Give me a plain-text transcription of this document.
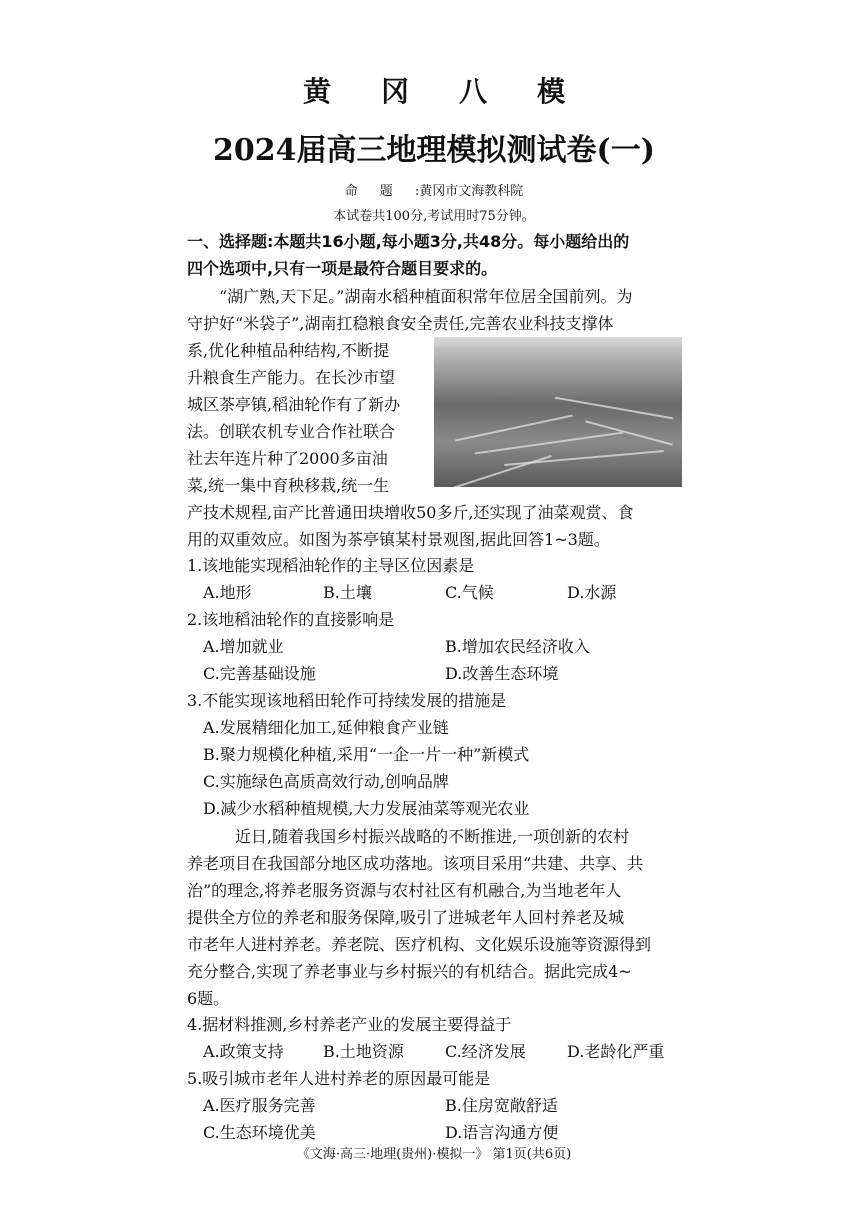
黄冈八模
2024届高三地理模拟测试卷(一)
命题:黄冈市文海教科院
本试卷共100分,考试用时75分钟。
一、选择题:本题共16小题,每小题3分,共48分。每小题给出的
四个选项中,只有一项是最符合题目要求的。
“湖广熟,天下足。”湖南水稻种植面积常年位居全国前列。为
守护好“米袋子”,湖南扛稳粮食安全责任,完善农业科技支撑体
系,优化种植品种结构,不断提
升粮食生产能力。在长沙市望
城区茶亭镇,稻油轮作有了新办
法。创联农机专业合作社联合
社去年连片种了2000多亩油
菜,统一集中育秧移栽,统一生
产技术规程,亩产比普通田块增收50多斤,还实现了油菜观赏、食
用的双重效应。如图为茶亭镇某村景观图,据此回答1~3题。
1.该地能实现稻油轮作的主导区位因素是
A.地形	B.土壤	C.气候	D.水源
2.该地稻油轮作的直接影响是
A.增加就业	B.增加农民经济收入
C.完善基础设施	D.改善生态环境
3.不能实现该地稻田轮作可持续发展的措施是
A.发展精细化加工,延伸粮食产业链
B.聚力规模化种植,采用“一企一片一种”新模式
C.实施绿色高质高效行动,创响品牌
D.减少水稻种植规模,大力发展油菜等观光农业
近日,随着我国乡村振兴战略的不断推进,一项创新的农村
养老项目在我国部分地区成功落地。该项目采用“共建、共享、共
治”的理念,将养老服务资源与农村社区有机融合,为当地老年人
提供全方位的养老和服务保障,吸引了进城老年人回村养老及城
市老年人进村养老。养老院、医疗机构、文化娱乐设施等资源得到
充分整合,实现了养老事业与乡村振兴的有机结合。据此完成4~
6题。
4.据材料推测,乡村养老产业的发展主要得益于
A.政策支持 B.土地资源	C.经济发展	D.老龄化严重
5.吸引城市老年人进村养老的原因最可能是
A.医疗服务完善	B.住房宽敞舒适
C.生态环境优美	D.语言沟通方便
《文海·高三·地理(贵州)·模拟一》 第1页(共6页)
